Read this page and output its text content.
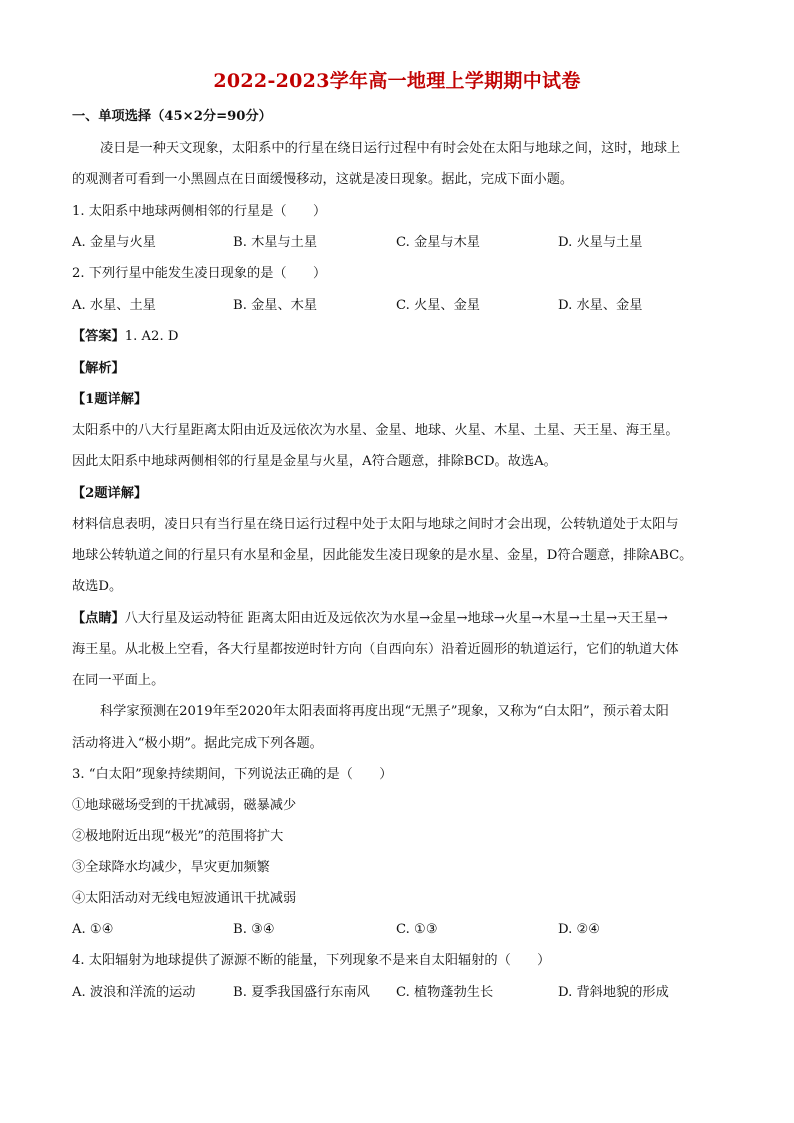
2022-2023学年高一地理上学期期中试卷
一、单项选择（45×2分=90分）
凌日是一种天文现象，太阳系中的行星在绕日运行过程中有时会处在太阳与地球之间，这时，地球上
的观测者可看到一小黑圆点在日面缓慢移动，这就是凌日现象。据此，完成下面小题。
1. 太阳系中地球两侧相邻的行星是（　　）
A. 金星与火星	B. 木星与土星	C. 金星与木星	D. 火星与土星
2. 下列行星中能发生凌日现象的是（　　）
A. 水星、土星	B. 金星、木星	C. 火星、金星	D. 水星、金星
【答案】1. A2. D
【解析】
【1题详解】
太阳系中的八大行星距离太阳由近及远依次为水星、金星、地球、火星、木星、土星、天王星、海王星。
因此太阳系中地球两侧相邻的行星是金星与火星，A符合题意，排除BCD。故选A。
【2题详解】
材料信息表明，凌日只有当行星在绕日运行过程中处于太阳与地球之间时才会出现，公转轨道处于太阳与
地球公转轨道之间的行星只有水星和金星，因此能发生凌日现象的是水星、金星，D符合题意，排除ABC。
故选D。
【点睛】八大行星及运动特征 距离太阳由近及远依次为水星→金星→地球→火星→木星→土星→天王星→
海王星。从北极上空看，各大行星都按逆时针方向（自西向东）沿着近圆形的轨道运行，它们的轨道大体
在同一平面上。
科学家预测在2019年至2020年太阳表面将再度出现“无黑子”现象，又称为“白太阳”，预示着太阳
活动将进入“极小期”。据此完成下列各题。
3. “白太阳”现象持续期间，下列说法正确的是（　　）
①地球磁场受到的干扰减弱，磁暴减少
②极地附近出现“极光”的范围将扩大
③全球降水均减少，旱灾更加频繁
④太阳活动对无线电短波通讯干扰减弱
A. ①④	B. ③④	C. ①③	D. ②④
4. 太阳辐射为地球提供了源源不断的能量，下列现象不是来自太阳辐射的（　　）
A. 波浪和洋流的运动	B. 夏季我国盛行东南风 C. 植物蓬勃生长	D. 背斜地貌的形成
